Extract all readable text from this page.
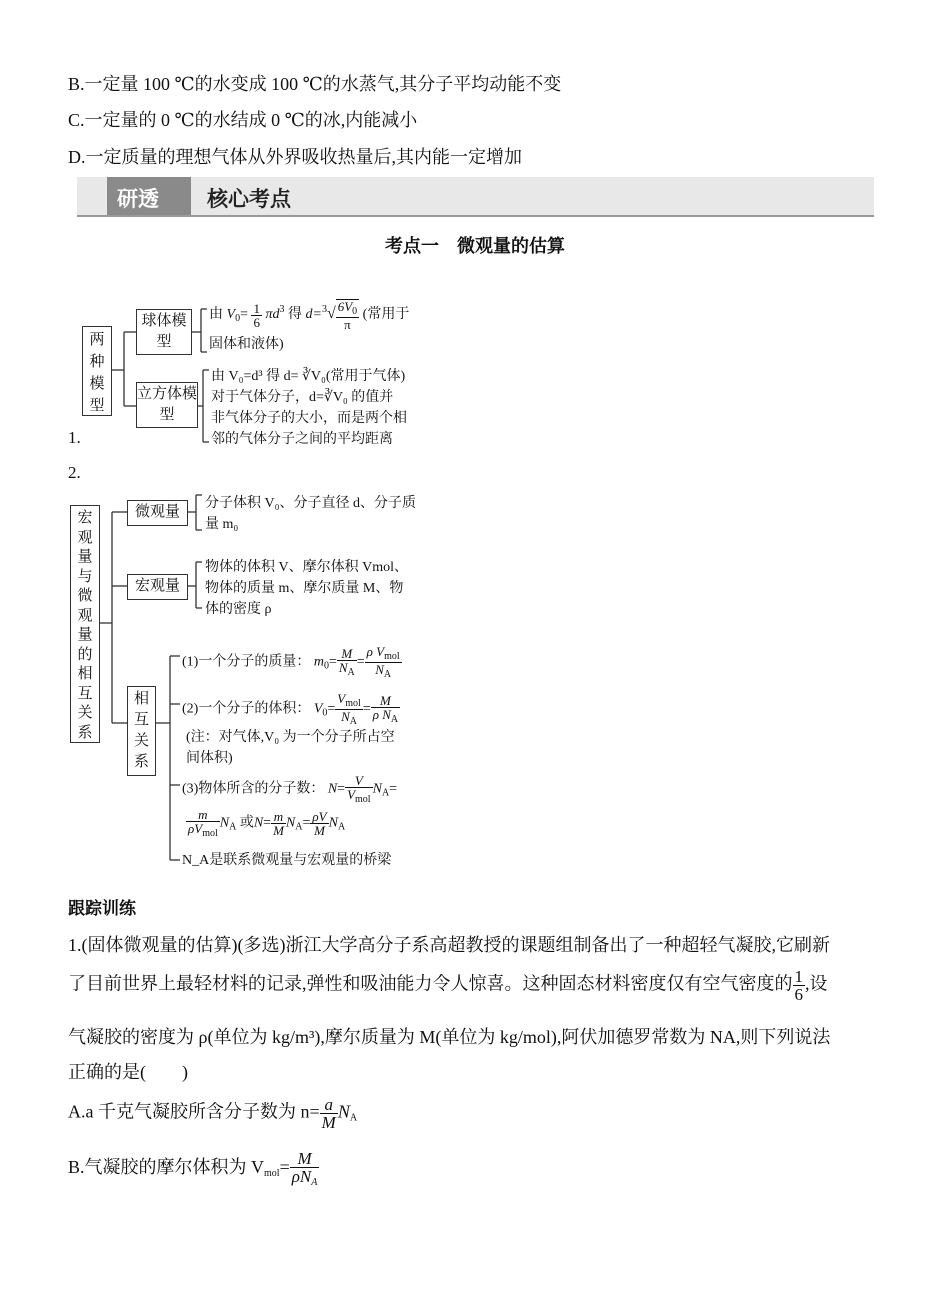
B.一定量 100 ℃的水变成 100 ℃的水蒸气,其分子平均动能不变
C.一定量的 0 ℃的水结成 0 ℃的冰,内能减小
D.一定质量的理想气体从外界吸收热量后,其内能一定增加
研透 核心考点
考点一　微观量的估算
1.
两种模型
球体模型
立方体模型
由 $V_0= \frac{1}{6} \pi d^3$ 得 $d=^3√ \frac{6V_0}{\pi}$ (常用于
固体和液体)
由 V₀=d³ 得 d= ∛V₀(常用于气体)
对于气体分子，d=∛V₀ 的值并
非气体分子的大小，而是两个相
邻的气体分子之间的平均距离
2.
宏观量与微观量的相互关系
微观量
宏观量
相互关系
分子体积 V₀、分子直径 d、分子质
量 m₀
物体的体积 V、摩尔体积 Vmol、
物体的质量 m、摩尔质量 M、物
体的密度 ρ
(1)一个分子的质量： $m_0= \frac{M}{N_A} = \frac{\rho V_{mol}}{N_A}$
(2)一个分子的体积： $V_0= \frac{V_{mol}}{N_A} = \frac{M}{\rho N_A}$
(注：对气体,V₀ 为一个分子所占空
间体积)
(3)物体所含的分子数： $N= \frac{V}{V_{mol}} N_A=$
$\frac{m}{\rho V_{mol}} N_A$ 或$N= \frac{m}{M} N_A= \frac{\rho V}{M} N_A$
N_A是联系微观量与宏观量的桥梁
跟踪训练
1.(固体微观量的估算)(多选)浙江大学高分子系高超教授的课题组制备出了一种超轻气凝胶,它刷新
了目前世界上最轻材料的记录,弹性和吸油能力令人惊喜。这种固态材料密度仅有空气密度的 $\frac{1}{6}$ ,设
气凝胶的密度为 ρ(单位为 kg/m³),摩尔质量为 M(单位为 kg/mol),阿伏加德罗常数为 NA,则下列说法
正确的是(　　)
A.a 千克气凝胶所含分子数为 $n= \frac{a}{M} N_A$
B.气凝胶的摩尔体积为 $V_{mol}= \frac{M}{\rho N_A}$
